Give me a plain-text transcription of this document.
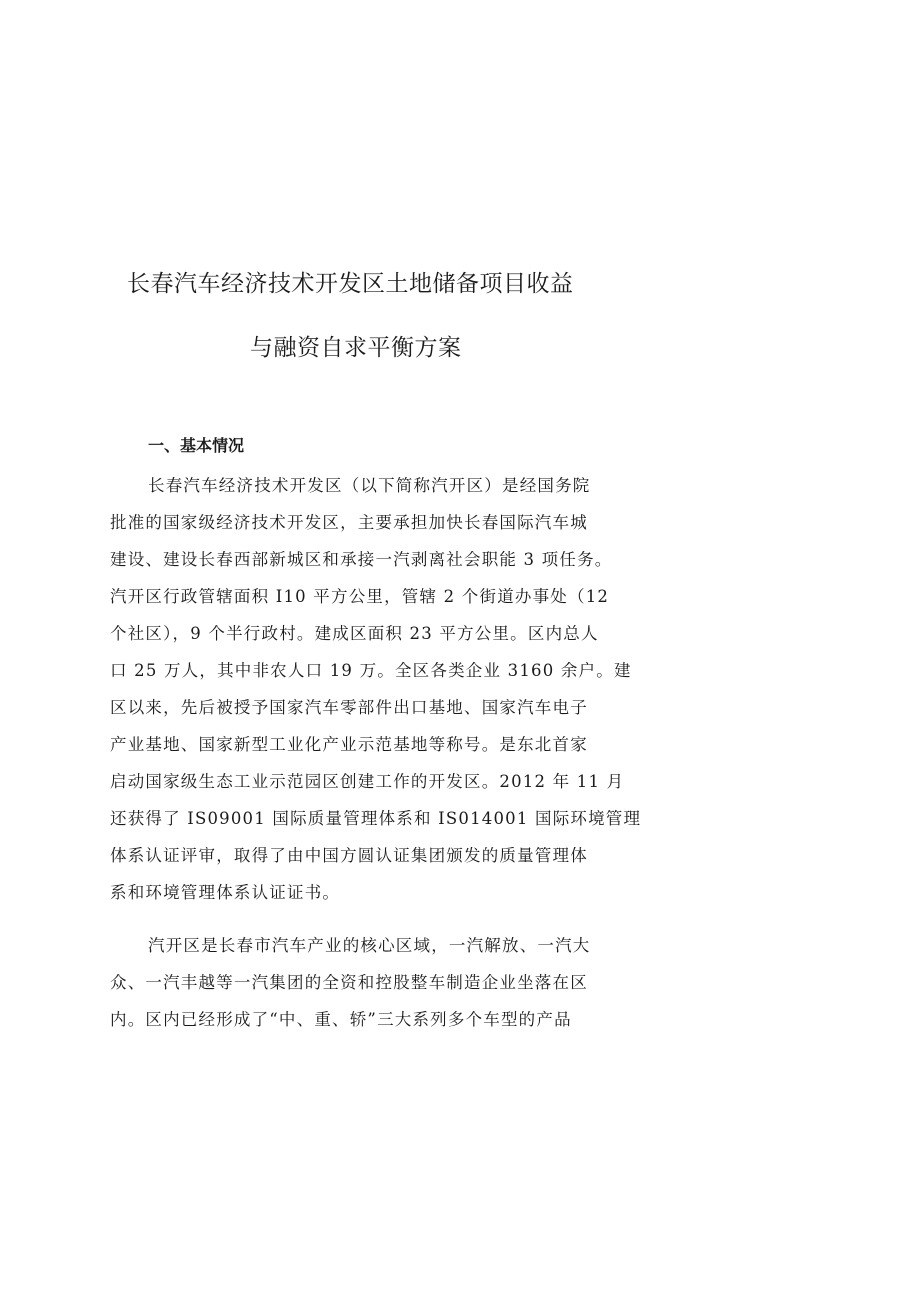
长春汽车经济技术开发区土地储备项目收益
与融资自求平衡方案
一、基本情况

长春汽车经济技术开发区（以下简称汽开区）是经国务院

批准的国家级经济技术开发区，主要承担加快长春国际汽车城

建设、建设长春西部新城区和承接一汽剥离社会职能 3 项任务。

汽开区行政管辖面积 I10 平方公里，管辖 2 个街道办事处（12

个社区），9 个半行政村。建成区面积 23 平方公里。区内总人

口 25 万人，其中非农人口 19 万。全区各类企业 3160 余户。建

区以来，先后被授予国家汽车零部件出口基地、国家汽车电子

产业基地、国家新型工业化产业示范基地等称号。是东北首家

启动国家级生态工业示范园区创建工作的开发区。2012 年 11 月

还获得了 IS09001 国际质量管理体系和 IS014001 国际环境管理

体系认证评审，取得了由中国方圆认证集团颁发的质量管理体

系和环境管理体系认证证书。

汽开区是长春市汽车产业的核心区域，一汽解放、一汽大

众、一汽丰越等一汽集团的全资和控股整车制造企业坐落在区

内。区内已经形成了“中、重、轿”三大系列多个车型的产品
